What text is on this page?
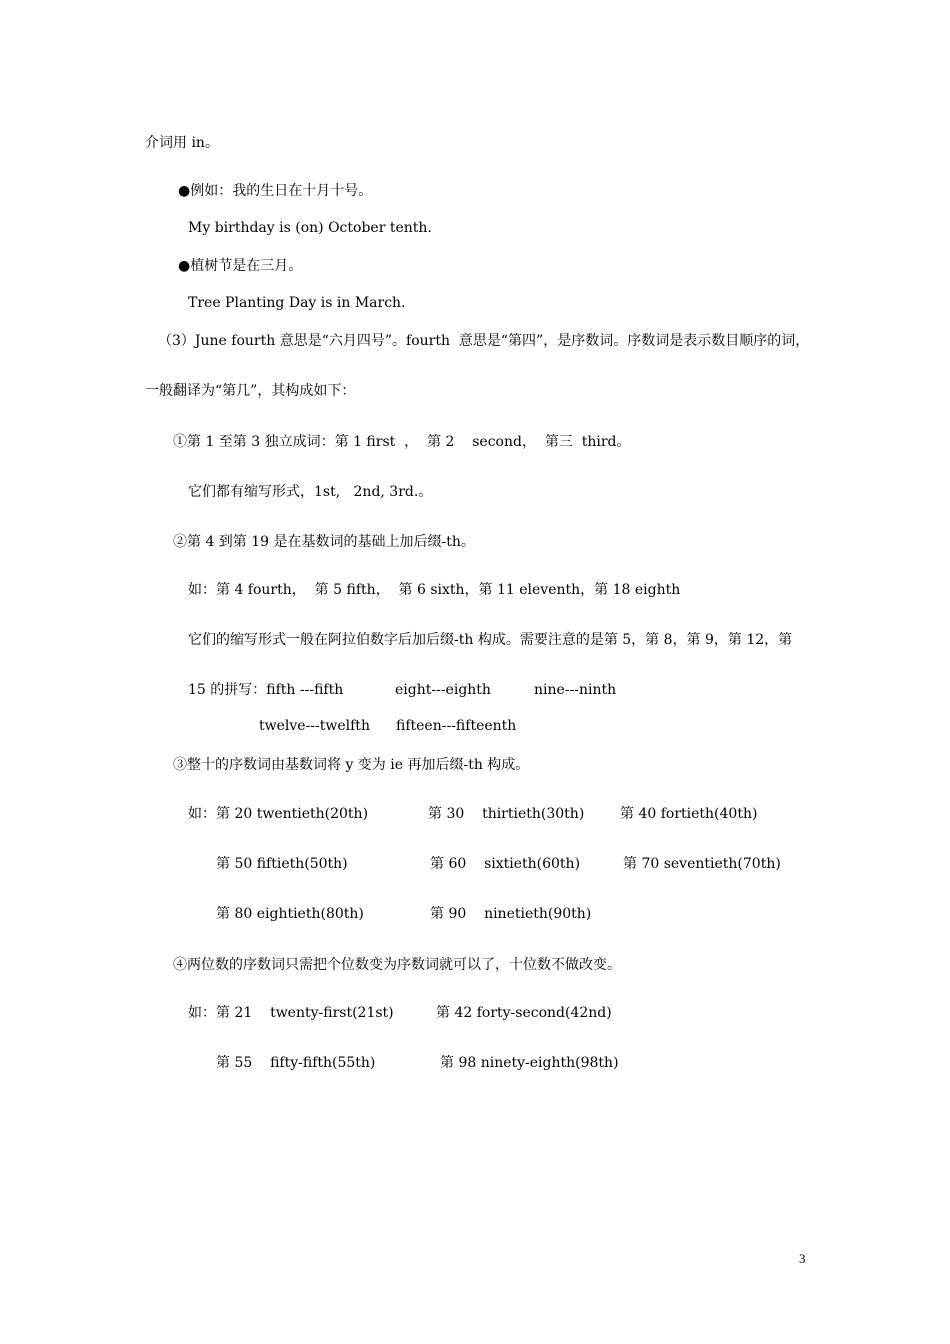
介词用 in。

●例如：我的生日在十月十号。

My birthday is (on) October tenth.

●植树节是在三月。

Tree Planting Day is in March.

（3）June fourth 意思是“六月四号”。fourth  意思是“第四”，是序数词。序数词是表示数目顺序的词，

一般翻译为“第几”，其构成如下：

①第 1 至第 3 独立成词：第 1 first  ，  第 2    second，  第三  third。

它们都有缩写形式，1st,   2nd, 3rd.。

②第 4 到第 19 是在基数词的基础上加后缀-th。

如：第 4 fourth，  第 5 fifth，  第 6 sixth，第 11 eleventh，第 18 eighth

它们的缩写形式一般在阿拉伯数字后加后缀-th 构成。需要注意的是第 5，第 8，第 9，第 12，第

15 的拼写：fifth ---fifth	eight---eighth	nine---ninth

twelve---twelfth fifteen---fifteenth

③整十的序数词由基数词将 y 变为 ie 再加后缀-th 构成。

如：第 20 twentieth(20th)	第 30    thirtieth(30th)	第 40 fortieth(40th)

第 50 fiftieth(50th)	第 60    sixtieth(60th)	第 70 seventieth(70th)

第 80 eightieth(80th)	第 90    ninetieth(90th)

④两位数的序数词只需把个位数变为序数词就可以了，十位数不做改变。

如：第 21    twenty-first(21st)	第 42 forty-second(42nd)

第 55    fifty-fifth(55th)	第 98 ninety-eighth(98th)

3
